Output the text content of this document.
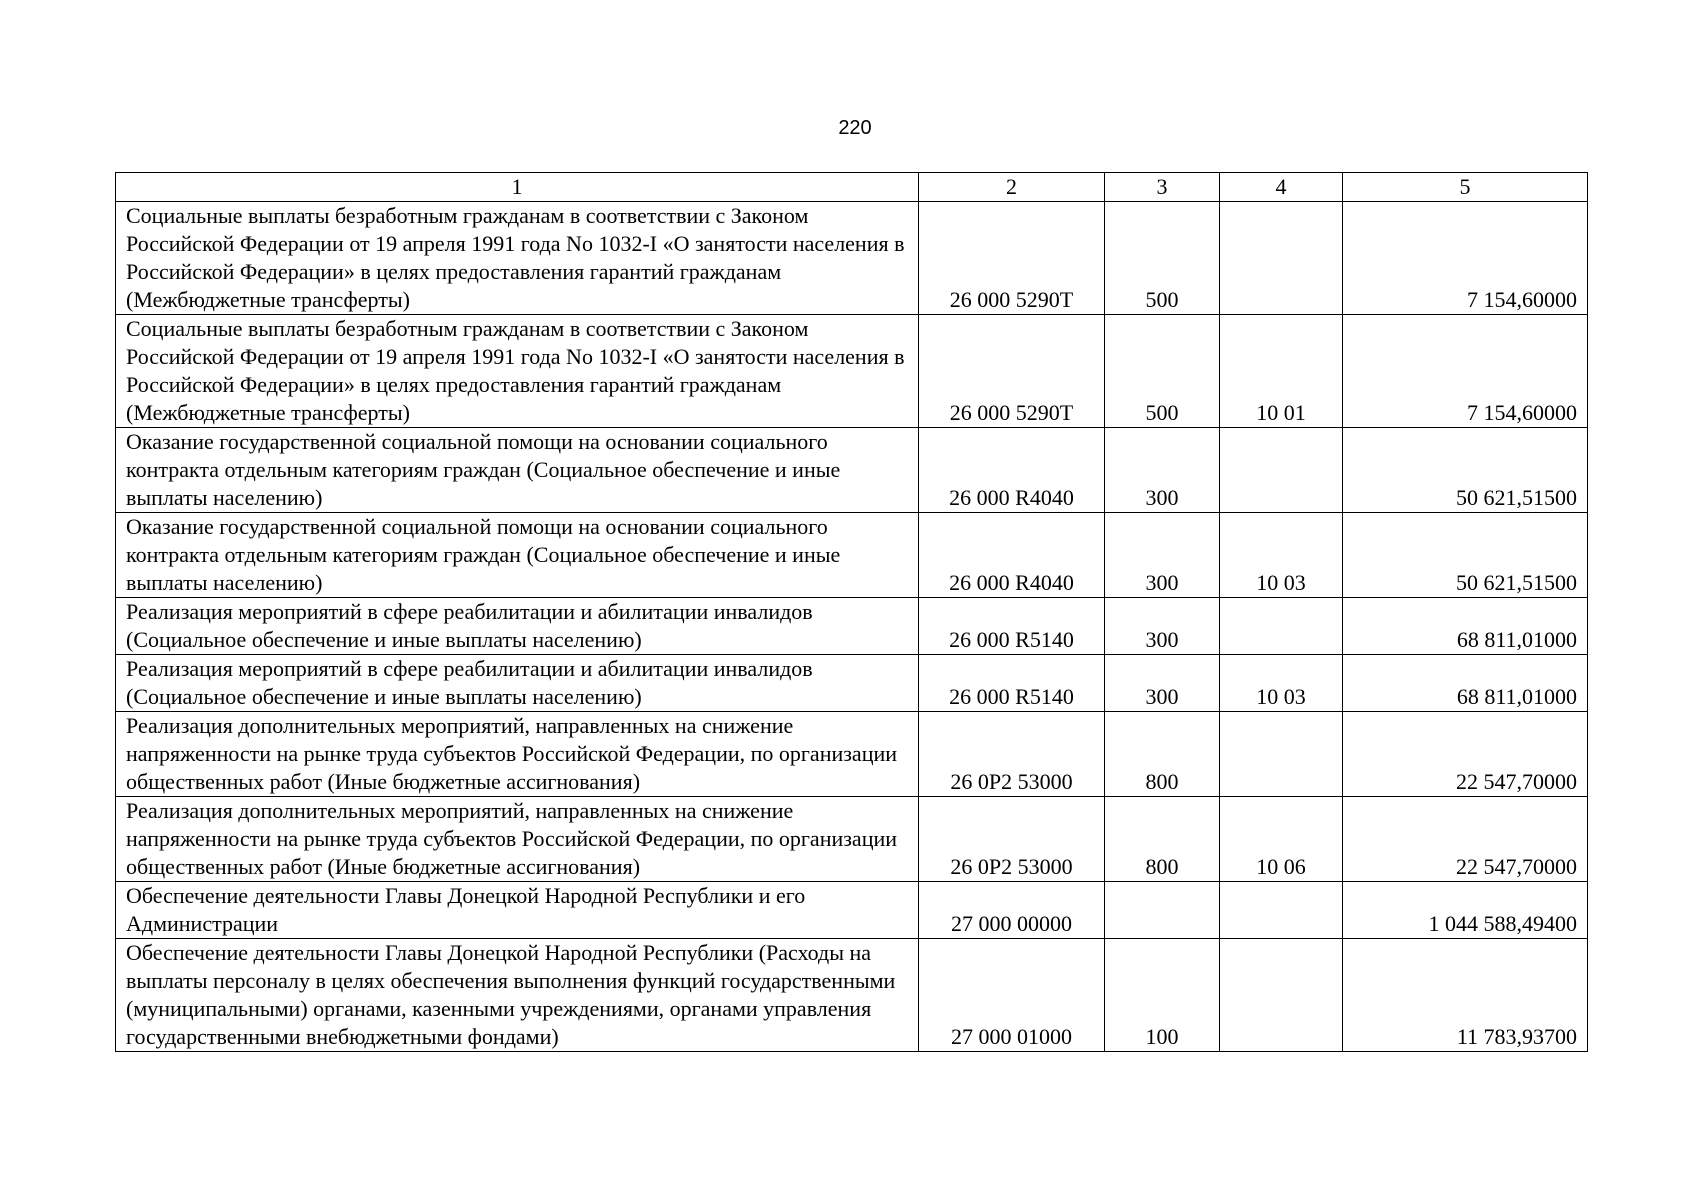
220
1	2	3	4	5
Социальные выплаты безработным гражданам в соответствии с Законом Российской Федерации от 19 апреля 1991 года No 1032-I «О занятости населения в Российской Федерации» в целях предоставления гарантий гражданам (Межбюджетные трансферты)	26 000 5290Т	500		7 154,60000
Социальные выплаты безработным гражданам в соответствии с Законом Российской Федерации от 19 апреля 1991 года No 1032-I «О занятости населения в Российской Федерации» в целях предоставления гарантий гражданам (Межбюджетные трансферты)	26 000 5290Т	500	10 01	7 154,60000
Оказание государственной социальной помощи на основании социального контракта отдельным категориям граждан (Социальное обеспечение и иные выплаты населению)	26 000 R4040	300		50 621,51500
Оказание государственной социальной помощи на основании социального контракта отдельным категориям граждан (Социальное обеспечение и иные выплаты населению)	26 000 R4040	300	10 03	50 621,51500
Реализация мероприятий в сфере реабилитации и абилитации инвалидов (Социальное обеспечение и иные выплаты населению)	26 000 R5140	300		68 811,01000
Реализация мероприятий в сфере реабилитации и абилитации инвалидов (Социальное обеспечение и иные выплаты населению)	26 000 R5140	300	10 03	68 811,01000
Реализация дополнительных мероприятий, направленных на снижение напряженности на рынке труда субъектов Российской Федерации, по организации общественных работ (Иные бюджетные ассигнования)	26 0P2 53000	800		22 547,70000
Реализация дополнительных мероприятий, направленных на снижение напряженности на рынке труда субъектов Российской Федерации, по организации общественных работ (Иные бюджетные ассигнования)	26 0P2 53000	800	10 06	22 547,70000
Обеспечение деятельности Главы Донецкой Народной Республики и его Администрации	27 000 00000			1 044 588,49400
Обеспечение деятельности Главы Донецкой Народной Республики (Расходы на выплаты персоналу в целях обеспечения выполнения функций государственными (муниципальными) органами, казенными учреждениями, органами управления государственными внебюджетными фондами)	27 000 01000	100		11 783,93700
